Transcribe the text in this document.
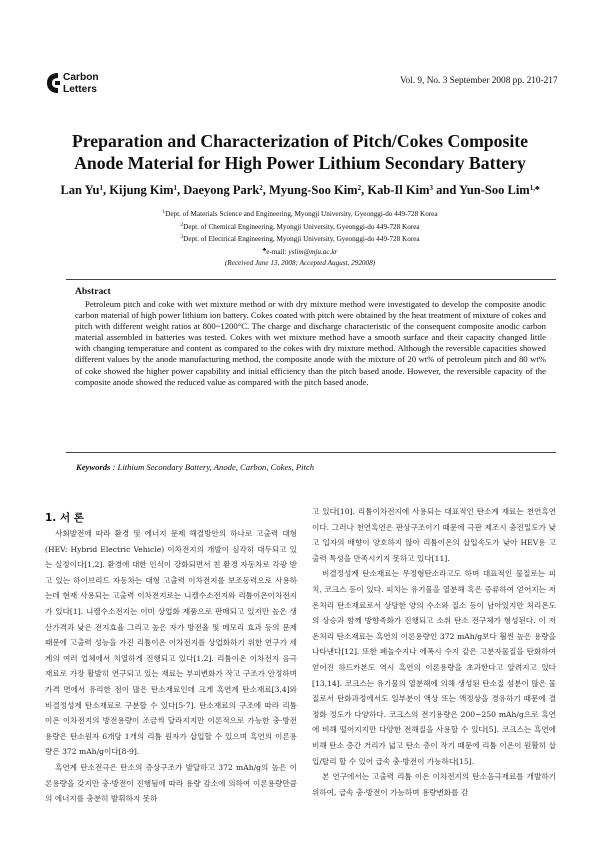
Carbon
Letters
Vol. 9, No. 3 September 2008 pp. 210-217
Preparation and Characterization of Pitch/Cokes Composite
Anode Material for High Power Lithium Secondary Battery
Lan Yu$^1$, Kijung Kim$^1$, Daeyong Park$^2$, Myung-Soo Kim$^2$, Kab-Il Kim$^3$ and Yun-Soo Lim$^{1,♣}$
$^1$Dept. of Materials Science and Engineering, Myongji University, Gyeonggi-do 449-728 Korea
$^2$Dept. of Chemical Engineering, Myongji University, Gyeonggi-do 449-728 Korea
$^3$Dept. of Electrical Engineering, Myongji University, Gyeonggi-do 449-728 Korea
♣e-mail: yslim@mju.ac.kr
(Received June 13, 2008; Accepted August, 292008)
Abstract
Petroleum pitch and coke with wet mixture method or with dry mixture method were investigated to develop the composite anodic carbon material of high power lithium ion battery. Cokes coated with pitch were obtained by the heat treatment of mixture of cokes and pitch with different weight ratios at 800~1200°C. The charge and discharge characteristic of the consequent composite anodic carbon material assembled in batteries was tested. Cokes with wet mixture method have a smooth surface and their capacity changed little with changing temperature and content as compared to the cokes with dry mixture method. Although the reversible capacities showed different values by the anode manufacturing method, the composite anode with the mixture of 20 wt% of petroleum pitch and 80 wt% of coke showed the higher power capability and initial efficiency than the pitch based anode. However, the reversible capacity of the composite anode showed the reduced value as compared with the pitch based anode.
Keywords : Lithium Secondary Battery, Anode, Carbon, Cokes, Pitch
1. 서 론

사회발전에 따라 환경 및 에너지 문제 해결방안의 하나로 고출력 대형(HEV: Hybrid Electric Vehicle) 이차전지의 개발이 심각히 대두되고 있는 실정이다[1,2]. 환경에 대한 인식이 강화되면서 친 환경 자동차로 각광 받고 있는 하이브리드 자동차는 대형 고출력 이차전지를 보조동력으로 사용하는데 현재 사용되는 고출력 이차전지로는 니켈수소전지와 리튬이온이차전지가 있다[1]. 니켈수소전지는 이미 상업화 제품으로 판매되고 있지만 높은 생산가격과 낮은 전지효율 그리고 높은 자가 방전율 및 메모리 효과 등의 문제 때문에 고출력 성능을 가진 리튬이온 이차전지를 상업화하기 위한 연구가 세계의 여러 업체에서 치열하게 진행되고 있다[1,2]. 리튬이온 이차전지 음극재료로 가장 활발히 연구되고 있는 재료는 부피변화가 작고 구조가 안정하며 가격 면에서 유리한 점이 많은 탄소재료인데 크게 흑연계 탄소재료[3,4]와 비결정성계 탄소재료로 구분할 수 있다[5-7]. 탄소재료의 구조에 따라 리튬이온 이차전지의 방전용량이 조금씩 달라지지만 이론적으로 가능한 충·방전 용량은 탄소원자 6개당 1개의 리튬 원자가 삽입할 수 있으며 흑연의 이론용량은 372 mAh/g이다[8-9].

흑연계 탄소전극은 탄소의 층상구조가 발달하고 372 mAh/g의 높은 이론용량을 갖지만 충·방전이 진행됨에 따라 용량 감소에 의하여 이론용량만큼의 에너지를 충분히 발휘하지 못하

고 있다[10]. 리튬이차전지에 사용되는 대표적인 탄소계 재료는 천연흑연이다. 그러나 천연흑연은 판상구조이기 때문에 극판 제조시 충진밀도가 낮고 입자의 배향이 양호하지 않아 리튬이온의 삽입속도가 낮아 HEV용 고출력 특성을 만족시키지 못하고 있다[11].

비결정성계 탄소재료는 무정형탄소라고도 하며 대표적인 물질로는 피치, 코크스 등이 있다. 피치는 유기물을 열분해 혹은 증류하여 얻어지는 저온처리 탄소재료로서 상당한 양의 수소와 질소 등이 남아있지만 처리온도의 상승과 함께 방향족화가 진행되고 소위 탄소 전구체가 형성된다. 이 저온처리 탄소재료는 흑연의 이론용량인 372 mAh/g보다 훨씬 높은 용량을 나타낸다[12]. 또한 폐놀수지나 에폭시 수지 같은 고분자물질을 탄화하여 얻어진 하드카본도 역시 흑연의 이론용량을 초과한다고 알려지고 있다[13,14]. 코크스는 유기물의 열분해에 의해 생성된 탄소질 섬분이 많은 물질로서 탄화과정에서도 일부분이 액상 또는 액정상을 경유하기 때문에 결정화 정도가 다양하다. 코크스의 전기용량은 200~250 mAh/g으로 흑연에 비해 떨어지지만 다양한 전해질을 사용할 수 있다[5]. 코크스는 흑연에 비해 탄소 층간 거리가 넓고 탄소 층이 작기 때문에 리튬 이온이 원활히 삽입/탈리 할 수 있어 급속 충·방전이 가능하다[15].

본 연구에서는 고출력 리튬 이온 이차전지의 탄소음극재료를 개발하기 위하여, 급속 충·방전이 가능하며 용량변화를 감
